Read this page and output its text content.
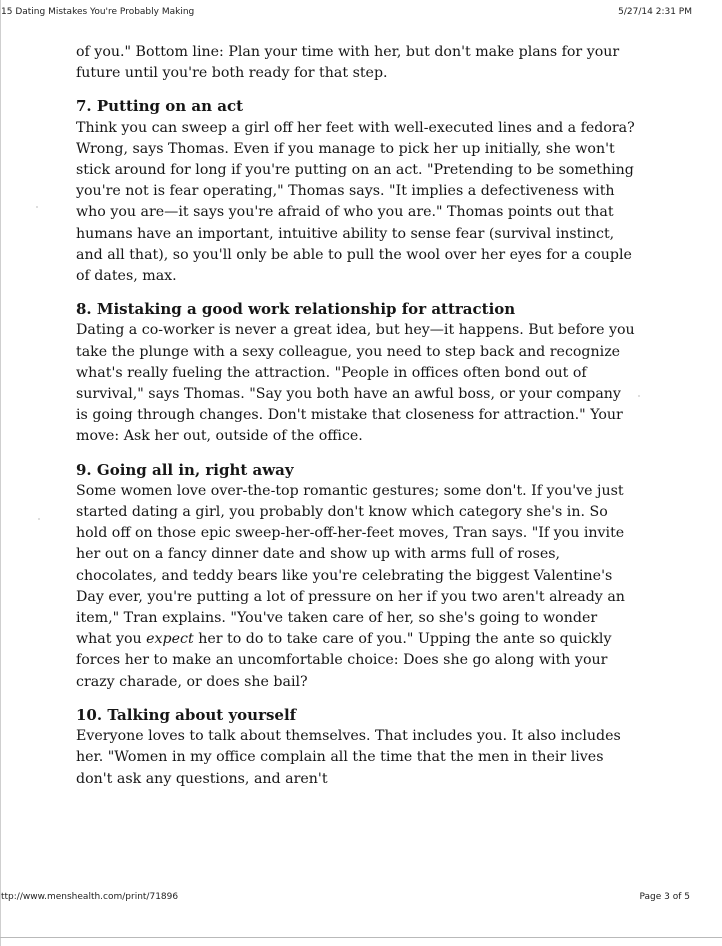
15 Dating Mistakes You're Probably Making	5/27/14 2:31 PM

of you." Bottom line: Plan your time with her, but don't make plans for your future until you're both ready for that step.

7. Putting on an act

Think you can sweep a girl off her feet with well-executed lines and a fedora? Wrong, says Thomas. Even if you manage to pick her up initially, she won't stick around for long if you're putting on an act. "Pretending to be something you're not is fear operating," Thomas says. "It implies a defectiveness with who you are—it says you're afraid of who you are." Thomas points out that humans have an important, intuitive ability to sense fear (survival instinct, and all that), so you'll only be able to pull the wool over her eyes for a couple of dates, max.

8. Mistaking a good work relationship for attraction

Dating a co-worker is never a great idea, but hey—it happens. But before you take the plunge with a sexy colleague, you need to step back and recognize what's really fueling the attraction. "People in offices often bond out of survival," says Thomas. "Say you both have an awful boss, or your company is going through changes. Don't mistake that closeness for attraction." Your move: Ask her out, outside of the office.

9. Going all in, right away

Some women love over-the-top romantic gestures; some don't. If you've just started dating a girl, you probably don't know which category she's in. So hold off on those epic sweep-her-off-her-feet moves, Tran says. "If you invite her out on a fancy dinner date and show up with arms full of roses, chocolates, and teddy bears like you're celebrating the biggest Valentine's Day ever, you're putting a lot of pressure on her if you two aren't already an item," Tran explains. "You've taken care of her, so she's going to wonder what you expect her to do to take care of you." Upping the ante so quickly forces her to make an uncomfortable choice: Does she go along with your crazy charade, or does she bail?

10. Talking about yourself

Everyone loves to talk about themselves. That includes you. It also includes her. "Women in my office complain all the time that the men in their lives don't ask any questions, and aren't

ttp://www.menshealth.com/print/71896	Page 3 of 5
